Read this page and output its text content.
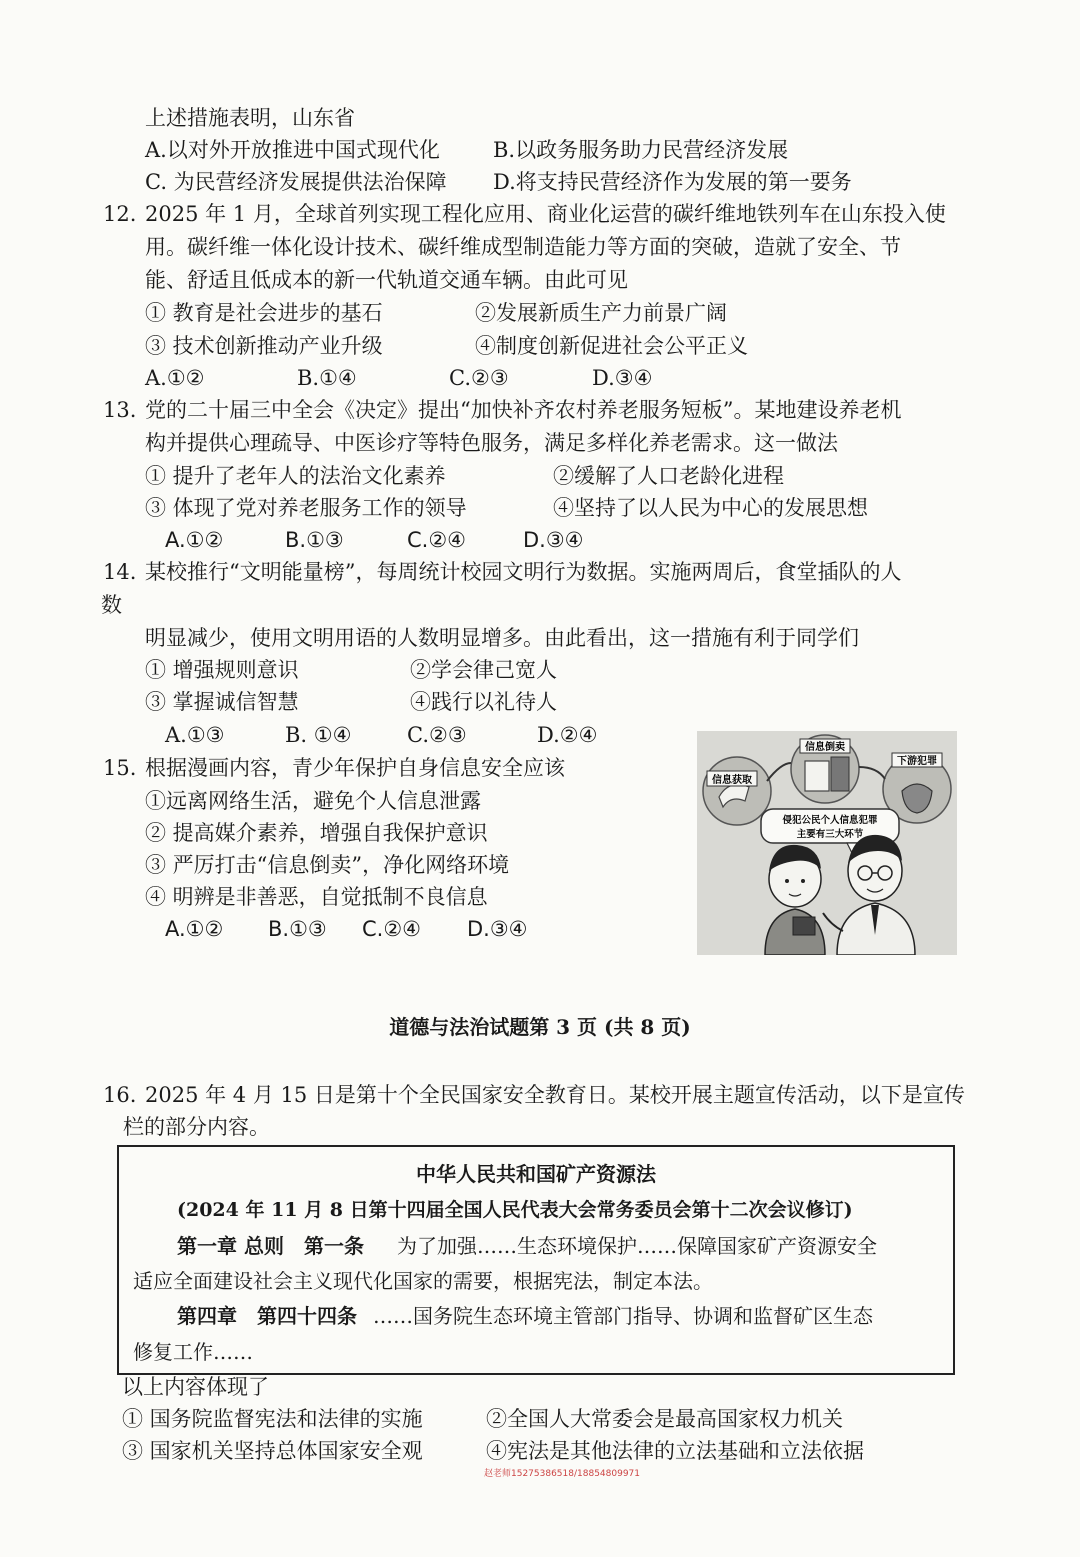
上述措施表明，山东省
A.以对外开放推进中国式现代化	B.以政务服务助力民营经济发展
C. 为民营经济发展提供法治保障 D.将支持民营经济作为发展的第一要务
12. 2025 年 1 月，全球首列实现工程化应用、商业化运营的碳纤维地铁列车在山东投入使
用。碳纤维一体化设计技术、碳纤维成型制造能力等方面的突破，造就了安全、节
能、舒适且低成本的新一代轨道交通车辆。由此可见
① 教育是社会进步的基石	②发展新质生产力前景广阔
③ 技术创新推动产业升级	④制度创新促进社会公平正义
A.①②	B.①④	C.②③	D.③④
13. 党的二十届三中全会《决定》提出“加快补齐农村养老服务短板”。某地建设养老机
构并提供心理疏导、中医诊疗等特色服务，满足多样化养老需求。这一做法
① 提升了老年人的法治文化素养	②缓解了人口老龄化进程
③ 体现了党对养老服务工作的领导	④坚持了以人民为中心的发展思想
A.①②	B.①③	C.②④	D.③④
14. 某校推行“文明能量榜”，每周统计校园文明行为数据。实施两周后，食堂插队的人
数
明显减少，使用文明用语的人数明显增多。由此看出，这一措施有利于同学们
① 增强规则意识	②学会律己宽人
③ 掌握诚信智慧	④践行以礼待人
A.①③	B. ①④	C.②③	D.②④
15. 根据漫画内容，青少年保护自身信息安全应该
①远离网络生活，避免个人信息泄露
② 提高媒介素养，增强自我保护意识
③ 严厉打击“信息倒卖”，净化网络环境
④ 明辨是非善恶，自觉抵制不良信息
A.①② B.①③ C.②④ D.③④
信息获取
信息倒卖
下游犯罪
侵犯公民个人信息犯罪
主要有三大环节
道德与法治试题第 3 页 (共 8 页)
16. 2025 年 4 月 15 日是第十个全民国家安全教育日。某校开展主题宣传活动，以下是宣传
栏的部分内容。
中华人民共和国矿产资源法
(2024 年 11 月 8 日第十四届全国人民代表大会常务委员会第十二次会议修订)
第一章 总则　第一条 为了加强……生态环境保护……保障国家矿产资源安全
适应全面建设社会主义现代化国家的需要，根据宪法，制定本法。
第四章　第四十四条 ……国务院生态环境主管部门指导、协调和监督矿区生态
修复工作……
以上内容体现了
① 国务院监督宪法和法律的实施	②全国人大常委会是最高国家权力机关
③ 国家机关坚持总体国家安全观	④宪法是其他法律的立法基础和立法依据
赵老师15275386518/18854809971
